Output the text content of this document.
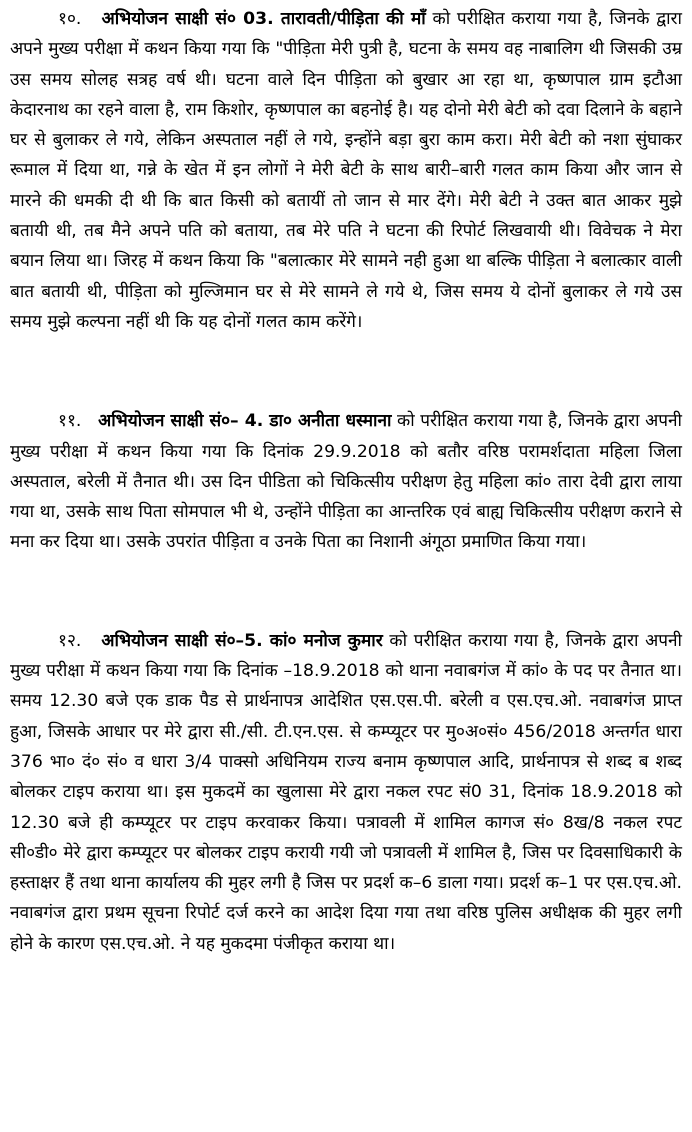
१०. अभियोजन साक्षी सं० 03. तारावती/पीड़िता की माँ को परीक्षित कराया गया है, जिनके द्वारा अपने मुख्य परीक्षा में कथन किया गया कि "पीड़िता मेरी पुत्री है, घटना के समय वह नाबालिग थी जिसकी उम्र उस समय सोलह सत्रह वर्ष थी। घटना वाले दिन पीड़िता को बुखार आ रहा था, कृष्णपाल ग्राम इटौआ केदारनाथ का रहने वाला है, राम किशोर, कृष्णपाल का बहनोई है। यह दोनो मेरी बेटी को दवा दिलाने के बहाने घर से बुलाकर ले गये, लेकिन अस्पताल नहीं ले गये, इन्होंने बड़ा बुरा काम करा। मेरी बेटी को नशा सुंघाकर रूमाल में दिया था, गन्ने के खेत में इन लोगों ने मेरी बेटी के साथ बारी–बारी गलत काम किया और जान से मारने की धमकी दी थी कि बात किसी को बतायीं तो जान से मार देंगे। मेरी बेटी ने उक्त बात आकर मुझे बतायी थी, तब मैने अपने पति को बताया, तब मेरे पति ने घटना की रिपोर्ट लिखवायी थी। विवेचक ने मेरा बयान लिया था। जिरह में कथन किया कि "बलात्कार मेरे सामने नही हुआ था बल्कि पीड़िता ने बलात्कार वाली बात बतायी थी, पीड़िता को मुल्जिमान घर से मेरे सामने ले गये थे, जिस समय ये दोनों बुलाकर ले गये उस समय मुझे कल्पना नहीं थी कि यह दोनों गलत काम करेंगे।

११. अभियोजन साक्षी सं०– 4. डा० अनीता धस्माना को परीक्षित कराया गया है, जिनके द्वारा अपनी मुख्य परीक्षा में कथन किया गया कि दिनांक 29.9.2018 को बतौर वरिष्ठ परामर्शदाता महिला जिला अस्पताल, बरेली में तैनात थी। उस दिन पीडिता को चिकित्सीय परीक्षण हेतु महिला कां० तारा देवी द्वारा लाया गया था, उसके साथ पिता सोमपाल भी थे, उन्होंने पीड़िता का आन्तरिक एवं बाह्य चिकित्सीय परीक्षण कराने से मना कर दिया था। उसके उपरांत पीड़िता व उनके पिता का निशानी अंगूठा प्रमाणित किया गया।

१२. अभियोजन साक्षी सं०–5. कां० मनोज कुमार को परीक्षित कराया गया है, जिनके द्वारा अपनी मुख्य परीक्षा में कथन किया गया कि दिनांक –18.9.2018 को थाना नवाबगंज में कां० के पद पर तैनात था। समय 12.30 बजे एक डाक पैड से प्रार्थनापत्र आदेशित एस.एस.पी. बरेली व एस.एच.ओ. नवाबगंज प्राप्त हुआ, जिसके आधार पर मेरे द्वारा सी./सी. टी.एन.एस. से कम्प्यूटर पर मु०अ०सं० 456/2018 अन्तर्गत धारा 376 भा० दं० सं० व धारा 3/4 पाक्सो अधिनियम राज्य बनाम कृष्णपाल आदि, प्रार्थनापत्र से शब्द ब शब्द बोलकर टाइप कराया था। इस मुकदमें का खुलासा मेरे द्वारा नकल रपट सं0 31, दिनांक 18.9.2018 को 12.30 बजे ही कम्प्यूटर पर टाइप करवाकर किया। पत्रावली में शामिल कागज सं० 8ख/8 नकल रपट सी०डी० मेरे द्वारा कम्प्यूटर पर बोलकर टाइप करायी गयी जो पत्रावली में शामिल है, जिस पर दिवसाधिकारी के हस्ताक्षर हैं तथा थाना कार्यालय की मुहर लगी है जिस पर प्रदर्श क–6 डाला गया। प्रदर्श क–1 पर एस.एच.ओ. नवाबगंज द्वारा प्रथम सूचना रिपोर्ट दर्ज करने का आदेश दिया गया तथा वरिष्ठ पुलिस अधीक्षक की मुहर लगी होने के कारण एस.एच.ओ. ने यह मुकदमा पंजीकृत कराया था।
